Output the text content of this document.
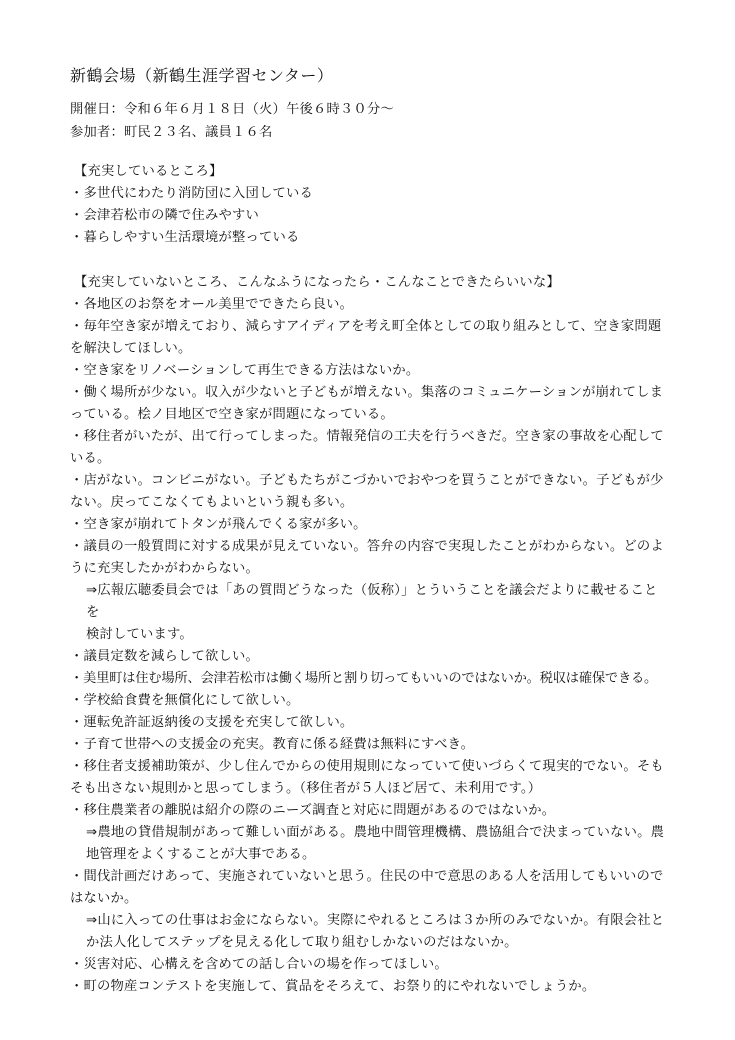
新鶴会場（新鶴生涯学習センター）
開催日：令和６年６月１８日（火）午後６時３０分～
参加者：町民２３名、議員１６名
【充実しているところ】
・多世代にわたり消防団に入団している
・会津若松市の隣で住みやすい
・暮らしやすい生活環境が整っている
【充実していないところ、こんなふうになったら・こんなことできたらいいな】
・各地区のお祭をオール美里でできたら良い。
・毎年空き家が増えており、減らすアイディアを考え町全体としての取り組みとして、空き家問題
を解決してほしい。
・空き家をリノベーションして再生できる方法はないか。
・働く場所が少ない。収入が少ないと子どもが増えない。集落のコミュニケーションが崩れてしま
っている。桧ノ目地区で空き家が問題になっている。
・移住者がいたが、出て行ってしまった。情報発信の工夫を行うべきだ。空き家の事故を心配して
いる。
・店がない。コンビニがない。子どもたちがこづかいでおやつを買うことができない。子どもが少
ない。戻ってこなくてもよいという親も多い。
・空き家が崩れてトタンが飛んでくる家が多い。
・議員の一般質問に対する成果が見えていない。答弁の内容で実現したことがわからない。どのよ
うに充実したかがわからない。
⇒広報広聴委員会では「あの質問どうなった（仮称）」とういうことを議会だよりに載せることを
検討しています。
・議員定数を減らして欲しい。
・美里町は住む場所、会津若松市は働く場所と割り切ってもいいのではないか。税収は確保できる。
・学校給食費を無償化にして欲しい。
・運転免許証返納後の支援を充実して欲しい。
・子育て世帯への支援金の充実。教育に係る経費は無料にすべき。
・移住者支援補助策が、少し住んでからの使用規則になっていて使いづらくて現実的でない。そも
そも出さない規則かと思ってしまう。（移住者が５人ほど居て、未利用です。）
・移住農業者の離脱は紹介の際のニーズ調査と対応に問題があるのではないか。
⇒農地の貸借規制があって難しい面がある。農地中間管理機構、農協組合で決まっていない。農
地管理をよくすることが大事である。
・間伐計画だけあって、実施されていないと思う。住民の中で意思のある人を活用してもいいので
はないか。
⇒山に入っての仕事はお金にならない。実際にやれるところは３か所のみでないか。有限会社と
か法人化してステップを見える化して取り組むしかないのだはないか。
・災害対応、心構えを含めての話し合いの場を作ってほしい。
・町の物産コンテストを実施して、賞品をそろえて、お祭り的にやれないでしょうか。
